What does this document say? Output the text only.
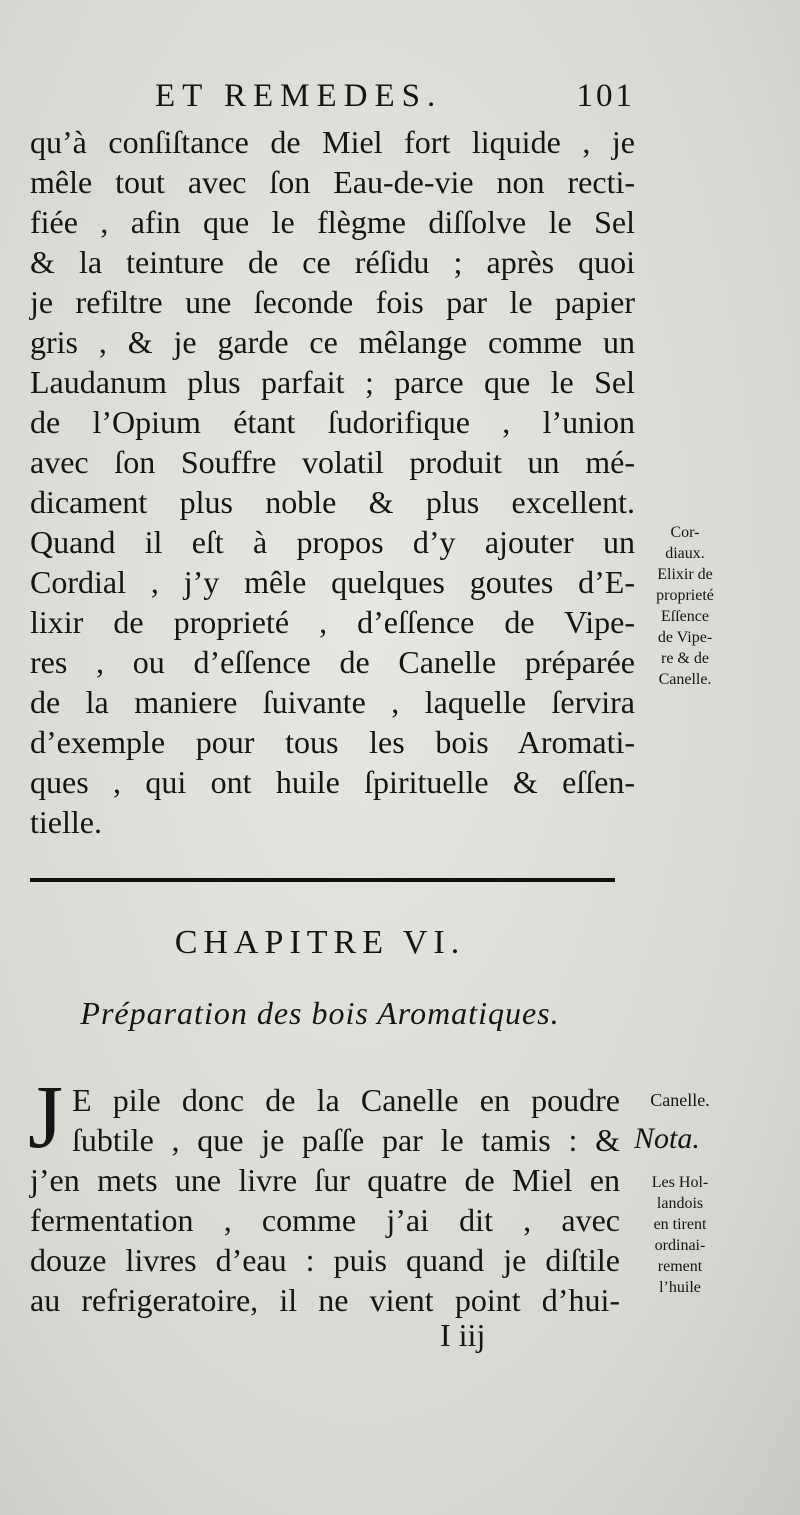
ET REMEDES.	101
qu’à conſiſtance de Miel fort liquide , je
mêle tout avec ſon Eau-de-vie non recti-
fiée , afin que le flègme diſſolve le Sel
& la teinture de ce réſidu ; après quoi
je refiltre une ſeconde fois par le papier
gris , & je garde ce mêlange comme un
Laudanum plus parfait ; parce que le Sel
de l’Opium étant ſudorifique , l’union
avec ſon Souffre volatil produit un mé-
dicament plus noble & plus excellent.
Quand il eſt à propos d’y ajouter un
Cordial , j’y mêle quelques goutes d’E-
lixir de proprieté , d’eſſence de Vipe-
res , ou d’eſſence de Canelle préparée
de la maniere ſuivante , laquelle ſervira
d’exemple pour tous les bois Aromati-
ques , qui ont huile ſpirituelle & eſſen-
tielle.
Cor-
diaux.
Elixir de
proprieté
Eſſence
de Vipe-
re & de
Canelle.
CHAPITRE VI.
Préparation des bois Aromatiques.
J E pile donc de la Canelle en poudre
ſubtile , que je paſſe par le tamis : &
j’en mets une livre ſur quatre de Miel en
fermentation , comme j’ai dit , avec
douze livres d’eau : puis quand je diſtile
au refrigeratoire, il ne vient point d’hui-
Canelle.
Nota.
Les Hol-
landois
en tirent
ordinai-
rement
l’huile
I iij
